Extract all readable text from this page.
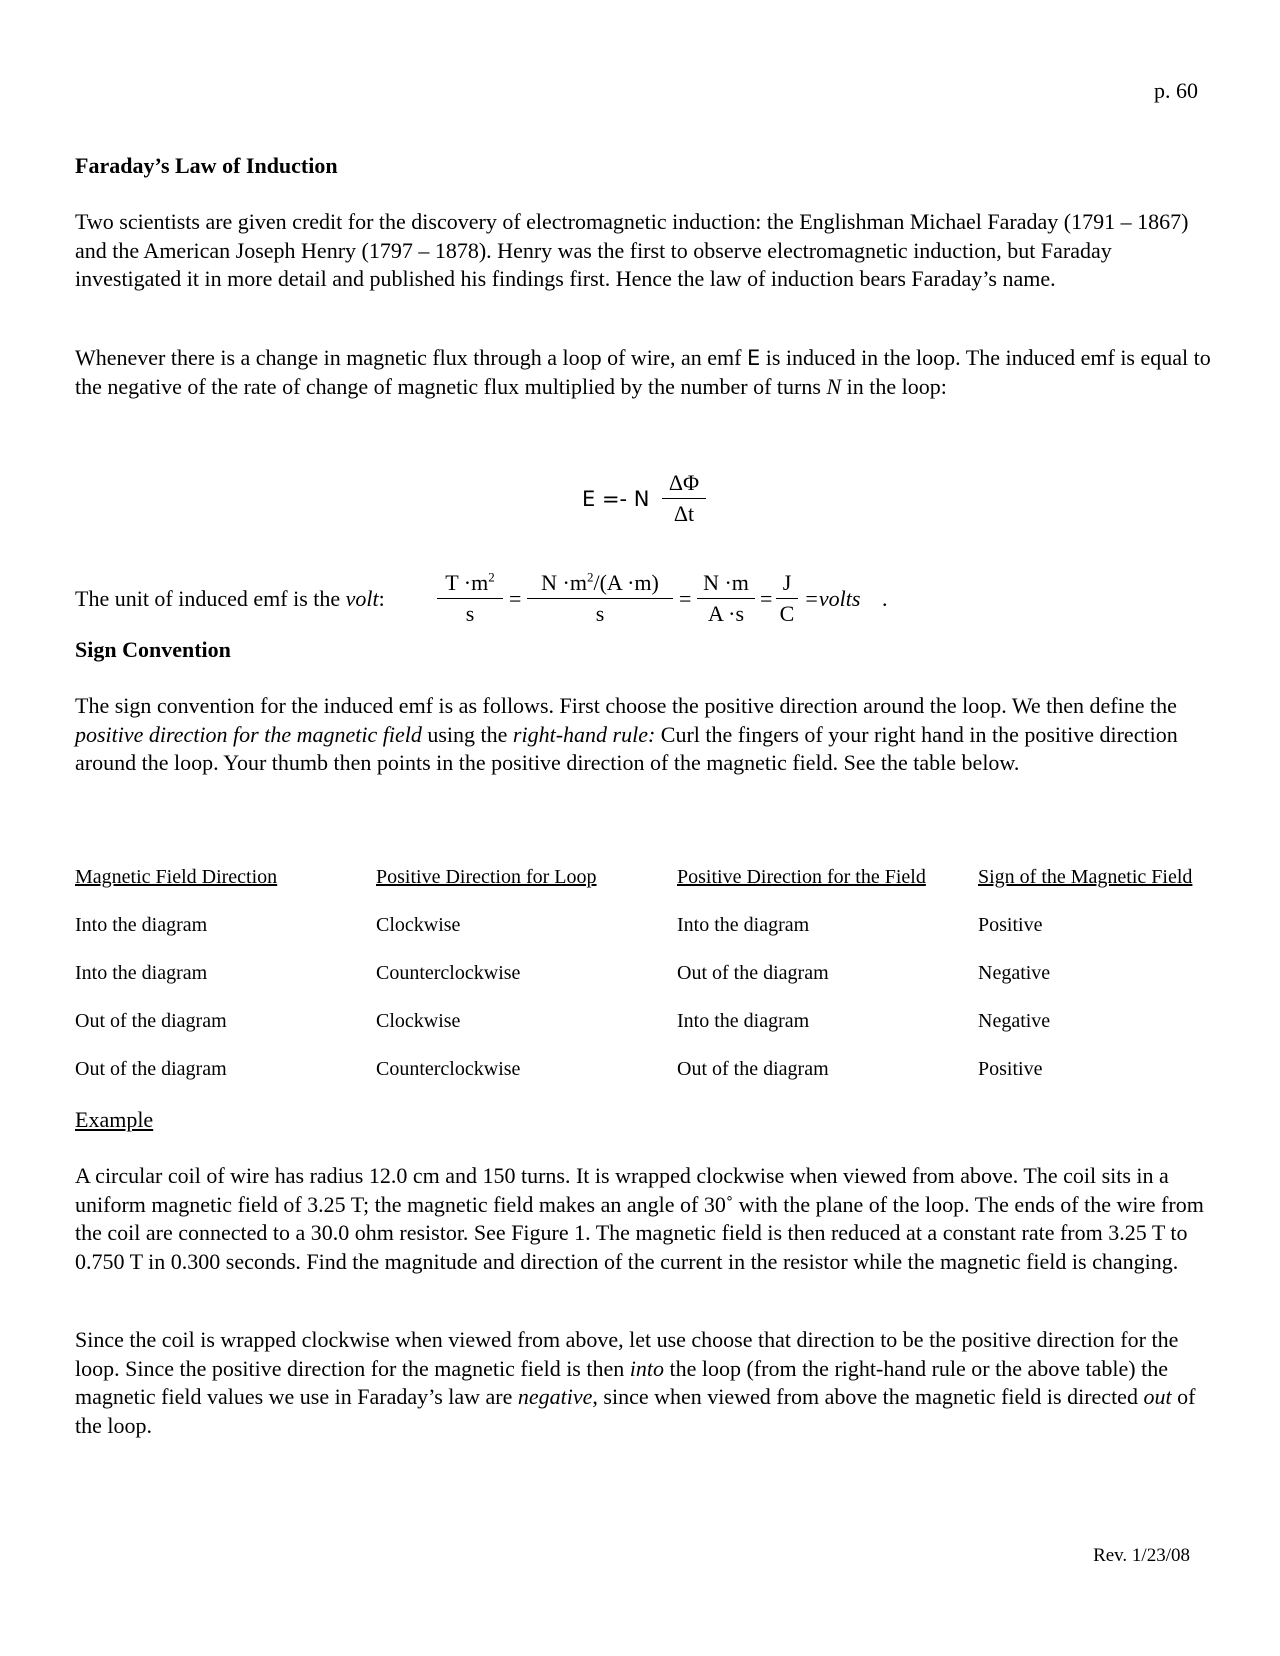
p. 60
Faraday’s Law of Induction

Two scientists are given credit for the discovery of electromagnetic induction: the Englishman Michael Faraday (1791 – 1867) and the American Joseph Henry (1797 – 1878). Henry was the first to observe electromagnetic induction, but Faraday investigated it in more detail and published his findings first. Hence the law of induction bears Faraday’s name.

Whenever there is a change in magnetic flux through a loop of wire, an emf E is induced in the loop. The induced emf is equal to the negative of the rate of change of magnetic flux multiplied by the number of turns N in the loop:

E =- N $\frac{\Delta\Phi}{\Delta t}$
The unit of induced emf is the volt: $\frac{T \cdot m^2}{s} = \frac{N \cdot m^2/(A \cdot m)}{s} = \frac{N \cdot m}{A \cdot s} = \frac{J}{C}$ =volts .
Sign Convention

The sign convention for the induced emf is as follows. First choose the positive direction around the loop. We then define the positive direction for the magnetic field using the right-hand rule: Curl the fingers of your right hand in the positive direction around the loop. Your thumb then points in the positive direction of the magnetic field. See the table below.

Magnetic Field Direction	Positive Direction for Loop	Positive Direction for the Field	Sign of the Magnetic Field
Into the diagram	Clockwise	Into the diagram	Positive
Into the diagram	Counterclockwise	Out of the diagram	Negative
Out of the diagram	Clockwise	Into the diagram	Negative
Out of the diagram	Counterclockwise	Out of the diagram	Positive
Example

A circular coil of wire has radius 12.0 cm and 150 turns. It is wrapped clockwise when viewed from above. The coil sits in a uniform magnetic field of 3.25 T; the magnetic field makes an angle of 30˚ with the plane of the loop. The ends of the wire from the coil are connected to a 30.0 ohm resistor. See Figure 1. The magnetic field is then reduced at a constant rate from 3.25 T to 0.750 T in 0.300 seconds. Find the magnitude and direction of the current in the resistor while the magnetic field is changing.

Since the coil is wrapped clockwise when viewed from above, let use choose that direction to be the positive direction for the loop. Since the positive direction for the magnetic field is then into the loop (from the right-hand rule or the above table) the magnetic field values we use in Faraday’s law are negative, since when viewed from above the magnetic field is directed out of the loop.

Rev. 1/23/08
